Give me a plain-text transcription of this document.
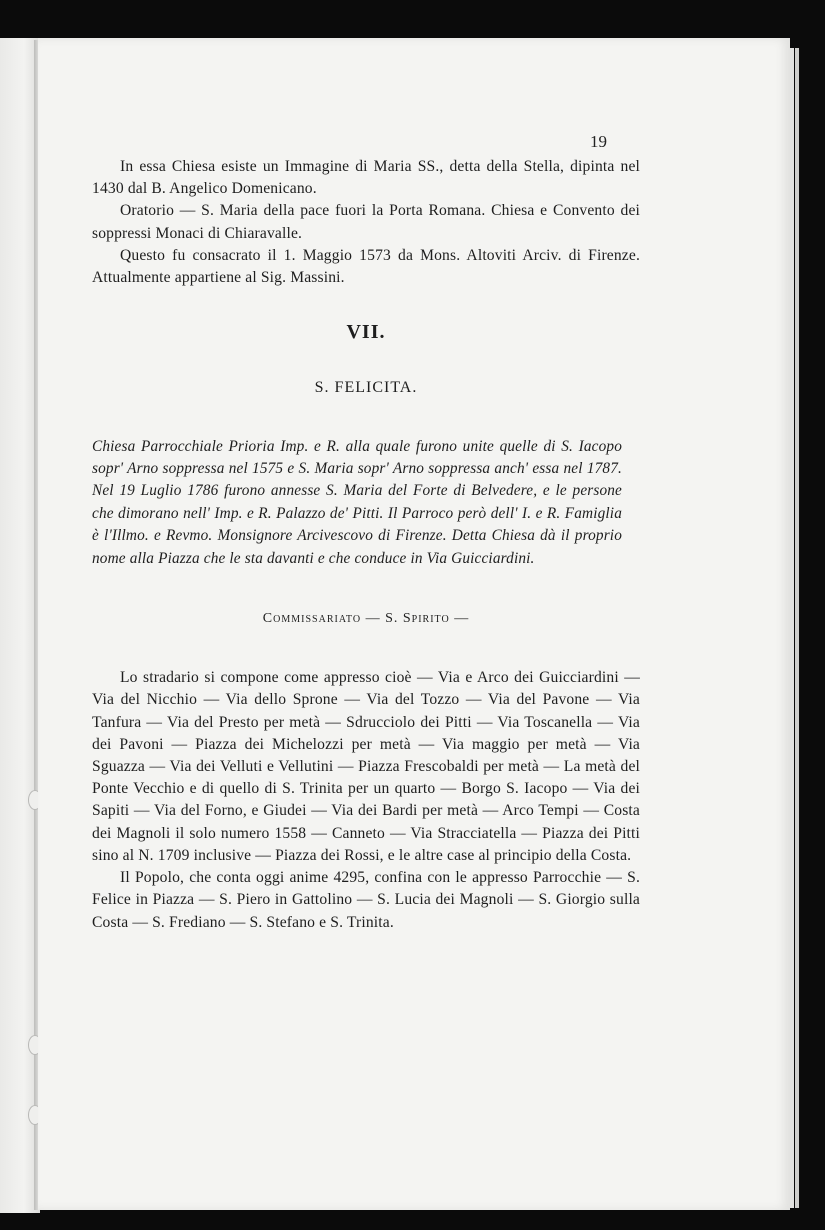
19

In essa Chiesa esiste un Immagine di Maria SS., detta della Stella, dipinta nel 1430 dal B. Angelico Domenicano.

Oratorio — S. Maria della pace fuori la Porta Romana. Chiesa e Convento dei soppressi Monaci di Chiaravalle.

Questo fu consacrato il 1. Maggio 1573 da Mons. Altoviti Arciv. di Firenze. Attualmente appartiene al Sig. Massini.

VII.
S. FELICITA.

Chiesa Parrocchiale Prioria Imp. e R. alla quale furono unite quelle di S. Iacopo sopr' Arno soppressa nel 1575 e S. Maria sopr' Arno soppressa anch' essa nel 1787. Nel 19 Luglio 1786 furono annesse S. Maria del Forte di Belvedere, e le persone che dimorano nell' Imp. e R. Palazzo de' Pitti. Il Parroco però dell' I. e R. Famiglia è l'Illmo. e Revmo. Monsignore Arcivescovo di Firenze. Detta Chiesa dà il proprio nome alla Piazza che le sta davanti e che conduce in Via Guicciardini.

Commissariato — S. Spirito —

Lo stradario si compone come appresso cioè — Via e Arco dei Guicciardini — Via del Nicchio — Via dello Sprone — Via del Tozzo — Via del Pavone — Via Tanfura — Via del Presto per metà — Sdrucciolo dei Pitti — Via Toscanella — Via dei Pavoni — Piazza dei Michelozzi per metà — Via maggio per metà — Via Sguazza — Via dei Velluti e Vellutini — Piazza Frescobaldi per metà — La metà del Ponte Vecchio e di quello di S. Trinita per un quarto — Borgo S. Iacopo — Via dei Sapiti — Via del Forno, e Giudei — Via dei Bardi per metà — Arco Tempi — Costa dei Magnoli il solo numero 1558 — Canneto — Via Stracciatella — Piazza dei Pitti sino al N. 1709 inclusive — Piazza dei Rossi, e le altre case al principio della Costa.

Il Popolo, che conta oggi anime 4295, confina con le appresso Parrocchie — S. Felice in Piazza — S. Piero in Gattolino — S. Lucia dei Magnoli — S. Giorgio sulla Costa — S. Frediano — S. Stefano e S. Trinita.
